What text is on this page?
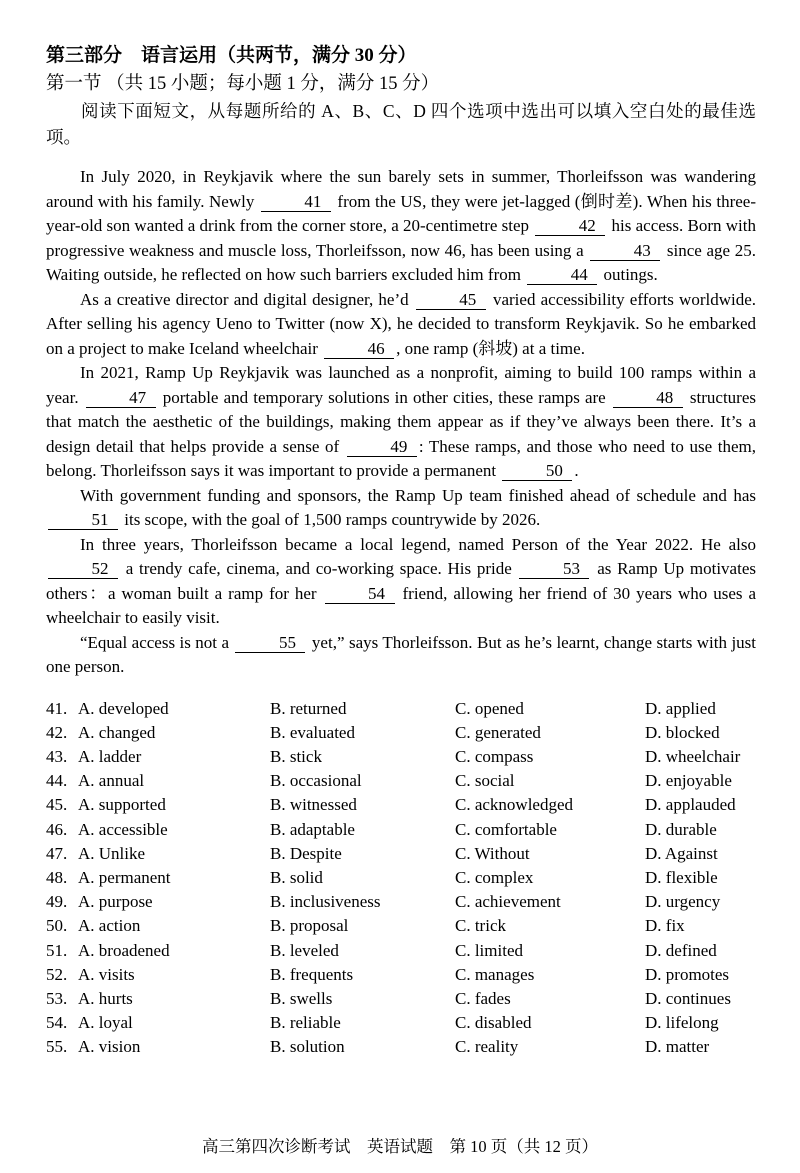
第三部分　语言运用（共两节，满分 30 分）

第一节 （共 15 小题；每小题 1 分，满分 15 分）

阅读下面短文，从每题所给的 A、B、C、D 四个选项中选出可以填入空白处的最佳选项。

In July 2020, in Reykjavik where the sun barely sets in summer, Thorleifsson was wandering around with his family. Newly	41 from the US, they were jet-lagged (倒时差). When his three-year-old son wanted a drink from the corner store, a 20-centimetre step	42 his access. Born with progressive weakness and muscle loss, Thorleifsson, now 46, has been using a	43 since age 25. Waiting outside, he reflected on how such barriers excluded him from	44 outings.

As a creative director and digital designer, he’d	45 varied accessibility efforts worldwide. After selling his agency Ueno to Twitter (now X), he decided to transform Reykjavik. So he embarked on a project to make Iceland wheelchair	46 , one ramp (斜坡) at a time.

In 2021, Ramp Up Reykjavik was launched as a nonprofit, aiming to build 100 ramps within a year.	47 portable and temporary solutions in other cities, these ramps are	48 structures that match the aesthetic of the buildings, making them appear as if they’ve always been there. It’s a design detail that helps provide a sense of	49 : These ramps, and those who need to use them, belong. Thorleifsson says it was important to provide a permanent	50 .

With government funding and sponsors, the Ramp Up team finished ahead of schedule and has 51 its scope, with the goal of 1,500 ramps countrywide by 2026.

In three years, Thorleifsson became a local legend, named Person of the Year 2022. He also 52 a trendy cafe, cinema, and co-working space. His pride	53 as Ramp Up motivates others：a woman built a ramp for her	54 friend, allowing her friend of 30 years who uses a wheelchair to easily visit.

“Equal access is not a	55 yet,” says Thorleifsson. But as he’s learnt, change starts with just one person.

41. A. developed	B. returned	C. opened	D. applied
42. A. changed	B. evaluated	C. generated	D. blocked
43. A. ladder	B. stick	C. compass	D. wheelchair
44. A. annual	B. occasional	C. social	D. enjoyable
45. A. supported	B. witnessed	C. acknowledged	D. applauded
46. A. accessible	B. adaptable	C. comfortable	D. durable
47. A. Unlike	B. Despite	C. Without	D. Against
48. A. permanent	B. solid	C. complex	D. flexible
49. A. purpose	B. inclusiveness	C. achievement	D. urgency
50. A. action	B. proposal	C. trick	D. fix
51. A. broadened	B. leveled	C. limited	D. defined
52. A. visits	B. frequents	C. manages	D. promotes
53. A. hurts	B. swells	C. fades	D. continues
54. A. loyal	B. reliable	C. disabled	D. lifelong
55. A. vision	B. solution	C. reality	D. matter
高三第四次诊断考试　英语试题　第 10 页（共 12 页）
